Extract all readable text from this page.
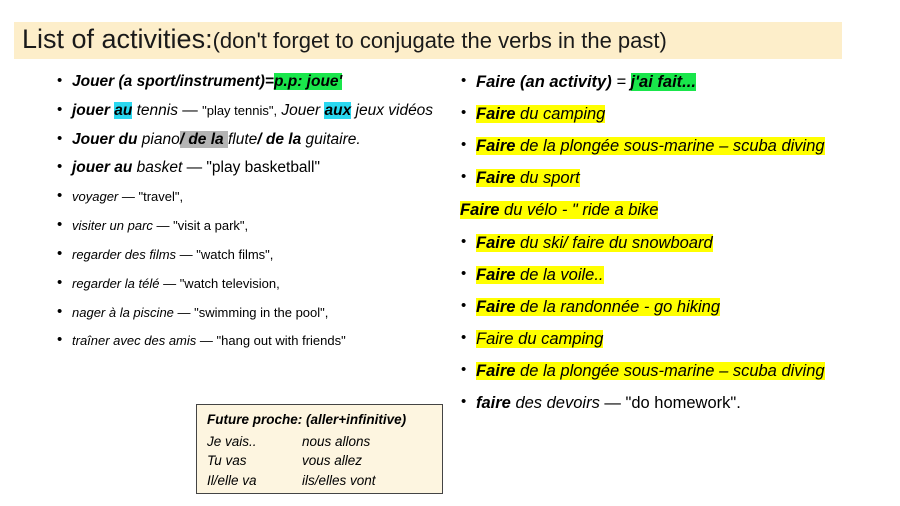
List of activities:(don't forget to conjugate the verbs in the past)
• Jouer (a sport/instrument)=p.p: joue'
• jouer au tennis — "play tennis", Jouer aux jeux vidéos
• Jouer du piano/ de la flute/ de la guitaire.
• jouer au basket — "play basketball"
• voyager — "travel",
• visiter un parc — "visit a park",
• regarder des films — "watch films",
• regarder la télé — "watch television,
• nager à la piscine — "swimming in the pool",
• traîner avec des amis — "hang out with friends"
• Faire (an activity) = j'ai fait...
• Faire du camping
• Faire de la plongée sous-marine – scuba diving
• Faire du sport
Faire du vélo - " ride a bike
• Faire du ski/ faire du snowboard
• Faire de la voile..
• Faire de la randonnée - go hiking
• Faire du camping
• Faire de la plongée sous-marine – scuba diving
• faire des devoirs — "do homework".
Future proche: (aller+infinitive)
Je vais..	nous allons
Tu vas	vous allez
Il/elle va	ils/elles vont
